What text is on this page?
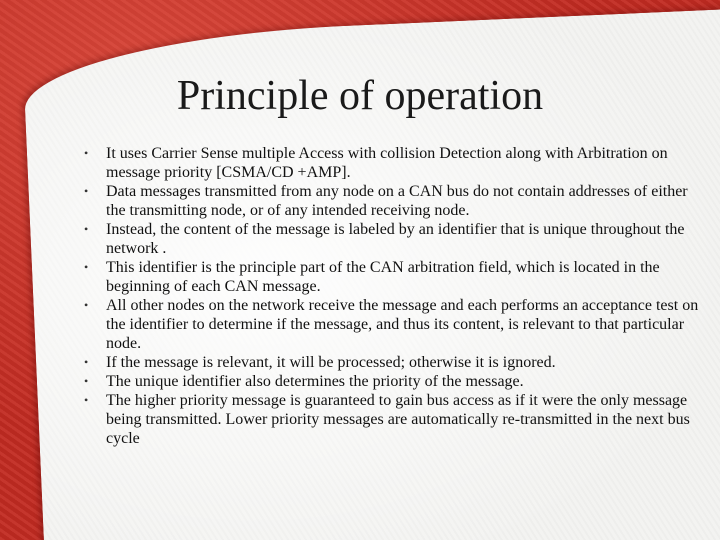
Principle of operation
• It uses Carrier Sense multiple Access with collision Detection along with Arbitration on message priority [CSMA/CD +AMP].
• Data messages transmitted from any node on a CAN bus do not contain addresses of either the transmitting node, or of any intended receiving node.
• Instead, the content of the message is labeled by an identifier that is unique throughout the network .
• This identifier is the principle part of the CAN arbitration field, which is located in the beginning of each CAN message.
• All other nodes on the network receive the message and each performs an acceptance test on the identifier to determine if the message, and thus its content, is relevant to that particular node.
• If the message is relevant, it will be processed; otherwise it is ignored.
• The unique identifier also determines the priority of the message.
• The higher priority message is guaranteed to gain bus access as if it were the only message being transmitted. Lower priority messages are automatically re-transmitted in the next bus cycle
